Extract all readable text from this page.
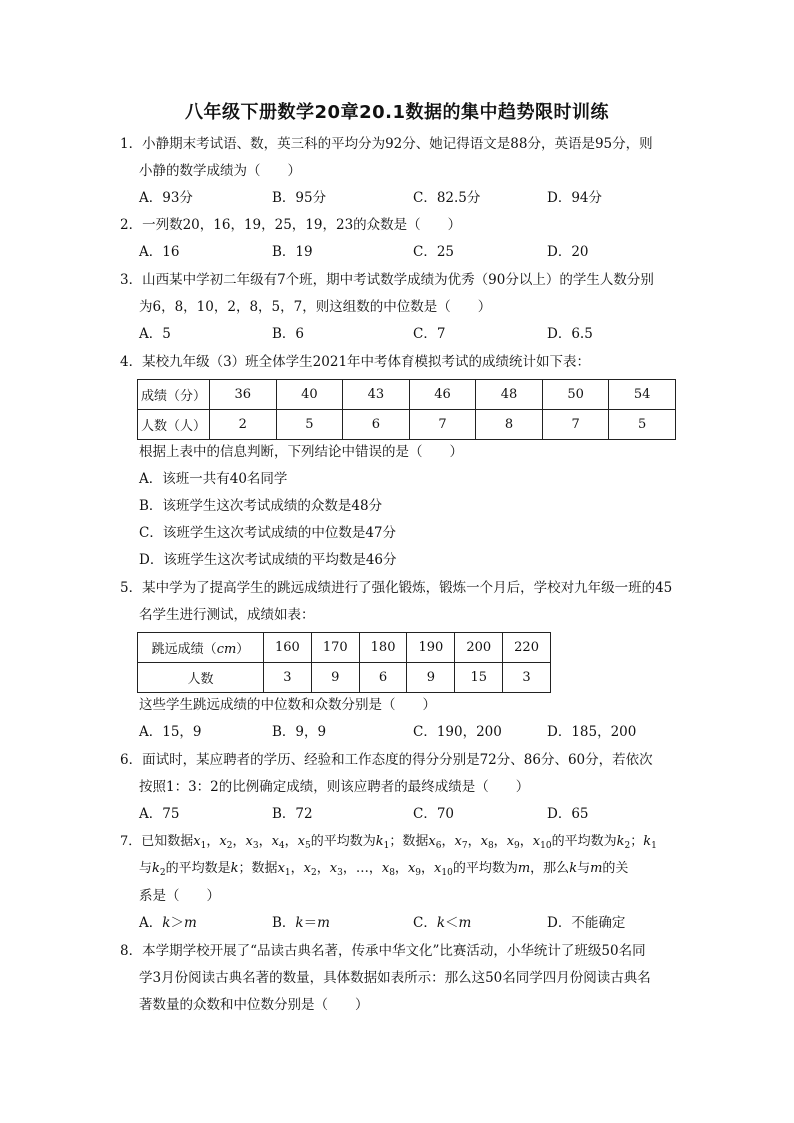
八年级下册数学20章20.1数据的集中趋势限时训练
1．小静期末考试语、数，英三科的平均分为92分、她记得语文是88分，英语是95分，则
小静的数学成绩为（　　）
A．93分	B．95分	C．82.5分	D．94分
2．一列数20，16，19，25，19，23的众数是（　　）
A．16	B．19	C．25	D．20
3．山西某中学初二年级有7个班，期中考试数学成绩为优秀（90分以上）的学生人数分别
为6，8，10，2，8，5，7，则这组数的中位数是（　　）
A．5	B．6	C．7	D．6.5
4．某校九年级（3）班全体学生2021年中考体育模拟考试的成绩统计如下表：
成绩（分）	36	40	43	46	48	50	54
人数（人）	2	5	6	7	8	7	5
根据上表中的信息判断，下列结论中错误的是（　　）
A．该班一共有40名同学
B．该班学生这次考试成绩的众数是48分
C．该班学生这次考试成绩的中位数是47分
D．该班学生这次考试成绩的平均数是46分
5．某中学为了提高学生的跳远成绩进行了强化锻炼，锻炼一个月后，学校对九年级一班的45
名学生进行测试，成绩如表：
跳远成绩（cm）	160	170	180	190	200	220
人数	3	9	6	9	15	3
这些学生跳远成绩的中位数和众数分别是（　　）
A．15，9	B．9，9	C．190，200	D．185，200
6．面试时，某应聘者的学历、经验和工作态度的得分分别是72分、86分、60分，若依次
按照1：3：2的比例确定成绩，则该应聘者的最终成绩是（　　）
A．75	B．72	C．70	D．65
7．已知数据$x_1$，$x_2$，$x_3$，$x_4$，$x_5$的平均数为$k_1$；数据$x_6$，$x_7$，$x_8$，$x_9$，$x_{10}$的平均数为$k_2$；$k_1$
与$k_2$的平均数是k；数据$x_1$，$x_2$，$x_3$，…，$x_8$，$x_9$，$x_{10}$的平均数为m，那么k与m的关
系是（　　）
A．k＞m	B．k＝m	C．k＜m	D．不能确定
8．本学期学校开展了“品读古典名著，传承中华文化”比赛活动，小华统计了班级50名同
学3月份阅读古典名著的数量，具体数据如表所示：那么这50名同学四月份阅读古典名
著数量的众数和中位数分别是（　　）
